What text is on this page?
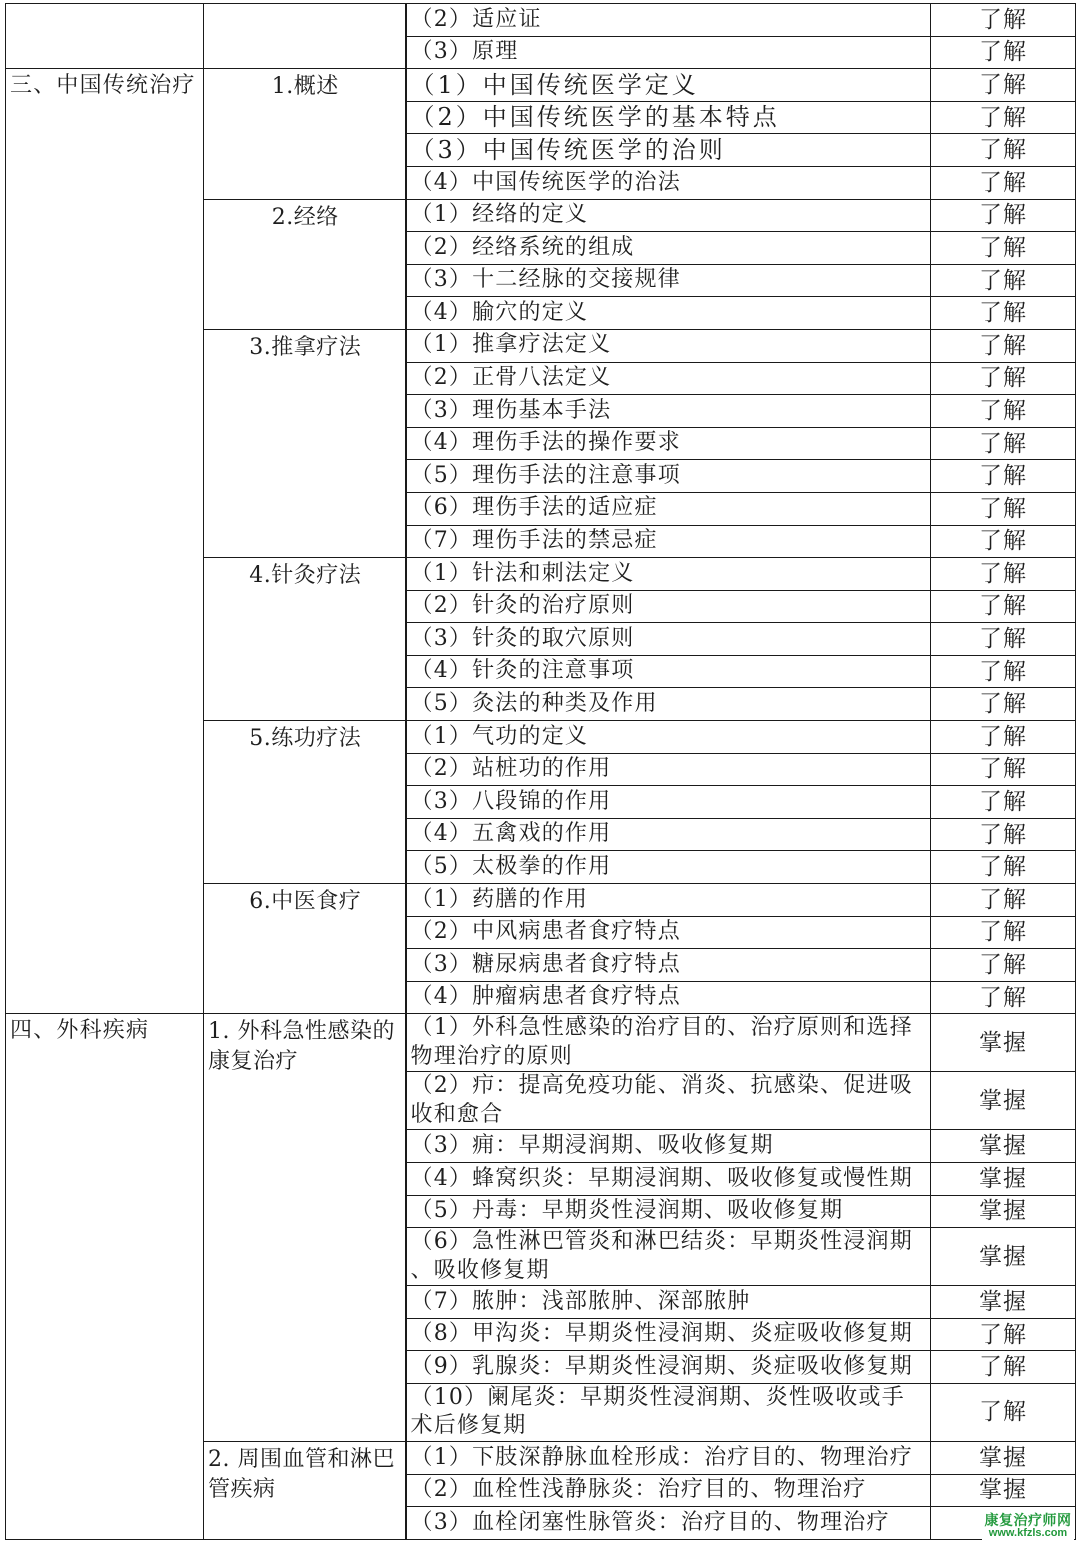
		（2）适应证	了解
		（3）原理	了解
三、中国传统治疗	1.概述	（1）中国传统医学定义	了解
		（2）中国传统医学的基本特点	了解
		（3）中国传统医学的治则	了解
		（4）中国传统医学的治法	了解
	2.经络	（1）经络的定义	了解
		（2）经络系统的组成	了解
		（3）十二经脉的交接规律	了解
		（4）腧穴的定义	了解
	3.推拿疗法	（1）推拿疗法定义	了解
		（2）正骨八法定义	了解
		（3）理伤基本手法	了解
		（4）理伤手法的操作要求	了解
		（5）理伤手法的注意事项	了解
		（6）理伤手法的适应症	了解
		（7）理伤手法的禁忌症	了解
	4.针灸疗法	（1）针法和刺法定义	了解
		（2）针灸的治疗原则	了解
		（3）针灸的取穴原则	了解
		（4）针灸的注意事项	了解
		（5）灸法的种类及作用	了解
	5.练功疗法	（1）气功的定义	了解
		（2）站桩功的作用	了解
		（3）八段锦的作用	了解
		（4）五禽戏的作用	了解
		（5）太极拳的作用	了解
	6.中医食疗	（1）药膳的作用	了解
		（2）中风病患者食疗特点	了解
		（3）糖尿病患者食疗特点	了解
		（4）肿瘤病患者食疗特点	了解
四、外科疾病	1. 外科急性感染的康复治疗	（1）外科急性感染的治疗目的、治疗原则和选择物理治疗的原则	掌握
		（2）疖：提高免疫功能、消炎、抗感染、促进吸收和愈合	掌握
		（3）痈：早期浸润期、吸收修复期	掌握
		（4）蜂窝织炎：早期浸润期、吸收修复或慢性期	掌握
		（5）丹毒：早期炎性浸润期、吸收修复期	掌握
		（6）急性淋巴管炎和淋巴结炎：早期炎性浸润期、吸收修复期	掌握
		（7）脓肿：浅部脓肿、深部脓肿	掌握
		（8）甲沟炎：早期炎性浸润期、炎症吸收修复期	了解
		（9）乳腺炎：早期炎性浸润期、炎症吸收修复期	了解
		（10）阑尾炎：早期炎性浸润期、炎性吸收或手术后修复期	了解
	2. 周围血管和淋巴管疾病	（1）下肢深静脉血栓形成：治疗目的、物理治疗	掌握
		（2）血栓性浅静脉炎：治疗目的、物理治疗	掌握
		（3）血栓闭塞性脉管炎：治疗目的、物理治疗		康复治疗师网
www.kfzls.com
